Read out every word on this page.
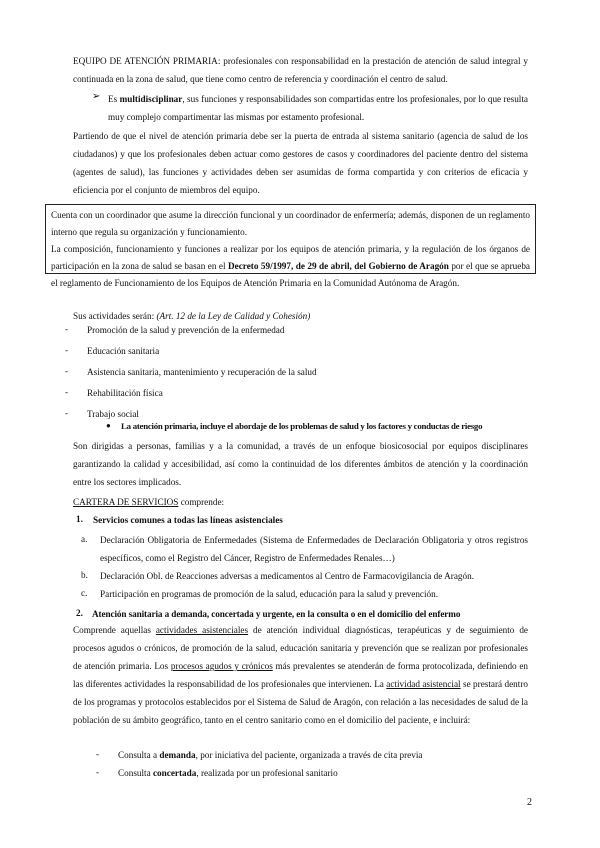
EQUIPO DE ATENCIÓN PRIMARIA: profesionales con responsabilidad en la prestación de atención de salud integral y continuada en la zona de salud, que tiene como centro de referencia y coordinación el centro de salud.

➢ Es multidisciplinar, sus funciones y responsabilidades son compartidas entre los profesionales, por lo que resulta muy complejo compartimentar las mismas por estamento profesional.

Partiendo de que el nivel de atención primaria debe ser la puerta de entrada al sistema sanitario (agencia de salud de los ciudadanos) y que los profesionales deben actuar como gestores de casos y coordinadores del paciente dentro del sistema (agentes de salud), las funciones y actividades deben ser asumidas de forma compartida y con criterios de eficacia y eficiencia por el conjunto de miembros del equipo.

Cuenta con un coordinador que asume la dirección funcional y un coordinador de enfermería; además, disponen de un reglamento interno que regula su organización y funcionamiento.
La composición, funcionamiento y funciones a realizar por los equipos de atención primaria, y la regulación de los órganos de participación en la zona de salud se basan en el Decreto 59/1997, de 29 de abril, del Gobierno de Aragón por el que se aprueba el reglamento de Funcionamiento de los Equipos de Atención Primaria en la Comunidad Autónoma de Aragón.

Sus actividades serán: (Art. 12 de la Ley de Calidad y Cohesión)

- Promoción de la salud y prevención de la enfermedad
- Educación sanitaria
- Asistencia sanitaria, mantenimiento y recuperación de la salud
- Rehabilitación física
- Trabajo social
● La atención primaria, incluye el abordaje de los problemas de salud y los factores y conductas de riesgo

Son dirigidas a personas, familias y a la comunidad, a través de un enfoque biosicosocial por equipos disciplinares garantizando la calidad y accesibilidad, así como la continuidad de los diferentes ámbitos de atención y la coordinación entre los sectores implicados.

CARTERA DE SERVICIOS comprende:

1. Servicios comunes a todas las líneas asistenciales
a. Declaración Obligatoria de Enfermedades (Sistema de Enfermedades de Declaración Obligatoria y otros registros específicos, como el Registro del Cáncer, Registro de Enfermedades Renales…)

b. Declaración Obl. de Reacciones adversas a medicamentos al Centro de Farmacovigilancia de Aragón.
c. Participación en programas de promoción de la salud, educación para la salud y prevención.
2. Atención sanitaria a demanda, concertada y urgente, en la consulta o en el domicilio del enfermo

Comprende aquellas actividades asistenciales de atención individual diagnósticas, terapéuticas y de seguimiento de procesos agudos o crónicos, de promoción de la salud, educación sanitaria y prevención que se realizan por profesionales de atención primaria. Los procesos agudos y crónicos más prevalentes se atenderán de forma protocolizada, definiendo en las diferentes actividades la responsabilidad de los profesionales que intervienen. La actividad asistencial se prestará dentro de los programas y protocolos establecidos por el Sistema de Salud de Aragón, con relación a las necesidades de salud de la población de su ámbito geográfico, tanto en el centro sanitario como en el domicilio del paciente, e incluirá:

- Consulta a demanda, por iniciativa del paciente, organizada a través de cita previa
- Consulta concertada, realizada por un profesional sanitario
2
